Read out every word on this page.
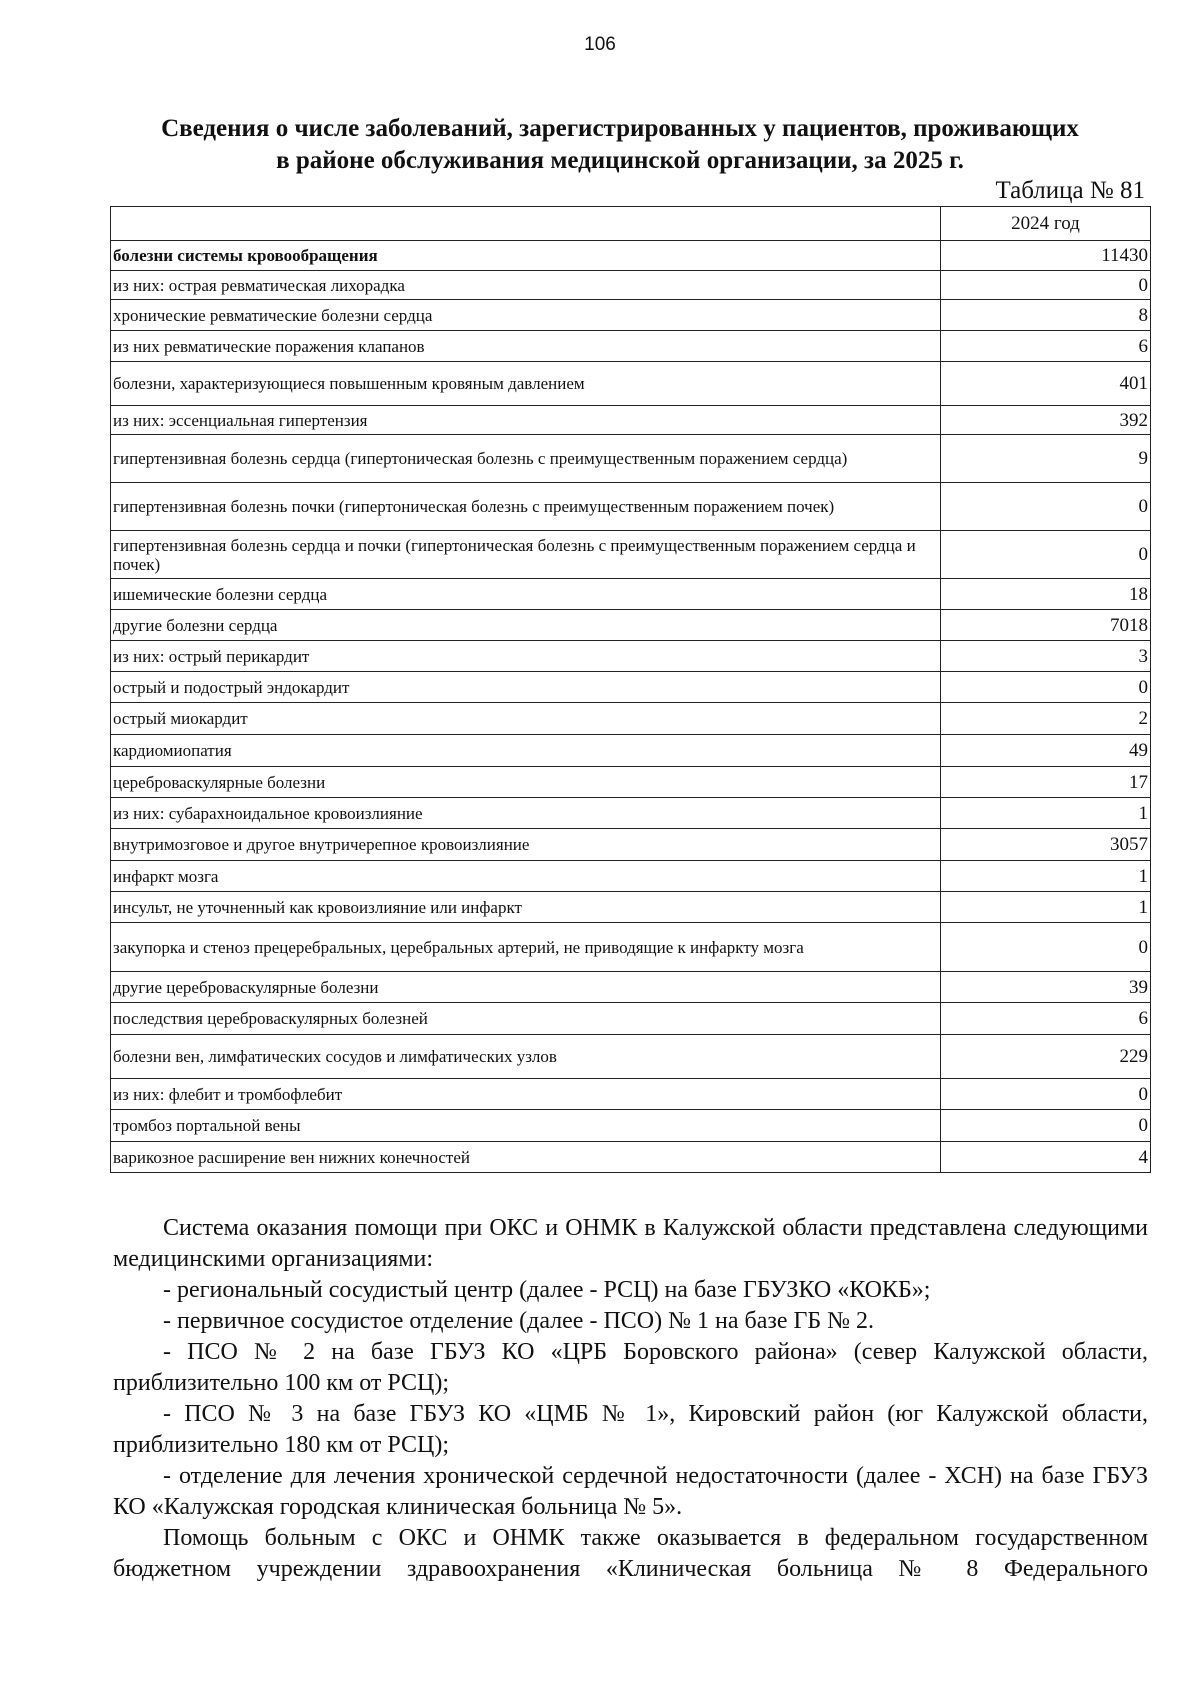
106
Сведения о числе заболеваний, зарегистрированных у пациентов, проживающих
в районе обслуживания медицинской организации, за 2025 г.
Таблица № 81
	2024 год
болезни системы кровообращения	11430
из них: острая ревматическая лихорадка	0
хронические ревматические болезни сердца	8
из них ревматические поражения клапанов	6
болезни, характеризующиеся повышенным кровяным давлением	401
из них: эссенциальная гипертензия	392
гипертензивная болезнь сердца (гипертоническая болезнь с преимущественным поражением сердца)	9
гипертензивная болезнь почки (гипертоническая болезнь с преимущественным поражением почек)	0
гипертензивная болезнь сердца и почки (гипертоническая болезнь с преимущественным поражением сердца и почек)	0
ишемические болезни сердца	18
другие болезни сердца	7018
из них: острый перикардит	3
острый и подострый эндокардит	0
острый миокардит	2
кардиомиопатия	49
цереброваскулярные болезни	17
из них: субарахноидальное кровоизлияние	1
внутримозговое и другое внутричерепное кровоизлияние	3057
инфаркт мозга	1
инсульт, не уточненный как кровоизлияние или инфаркт	1
закупорка и стеноз прецеребральных, церебральных артерий, не приводящие к инфаркту мозга	0
другие цереброваскулярные болезни	39
последствия цереброваскулярных болезней	6
болезни вен, лимфатических сосудов и лимфатических узлов	229
из них: флебит и тромбофлебит	0
тромбоз портальной вены	0
варикозное расширение вен нижних конечностей	4

Система оказания помощи при ОКС и ОНМК в Калужской области представлена следующими медицинскими организациями:

- региональный сосудистый центр (далее - РСЦ) на базе ГБУЗКО «КОКБ»;

- первичное сосудистое отделение (далее - ПСО) № 1 на базе ГБ № 2.

- ПСО № 2 на базе ГБУЗ КО «ЦРБ Боровского района» (север Калужской области, приблизительно 100 км от РСЦ);

- ПСО № 3 на базе ГБУЗ КО «ЦМБ № 1», Кировский район (юг Калужской области, приблизительно 180 км от РСЦ);

- отделение для лечения хронической сердечной недостаточности (далее - ХСН) на базе ГБУЗ КО «Калужская городская клиническая больница № 5».

Помощь больным с ОКС и ОНМК также оказывается в федеральном государственном бюджетном учреждении здравоохранения «Клиническая больница № 8 Федерального
